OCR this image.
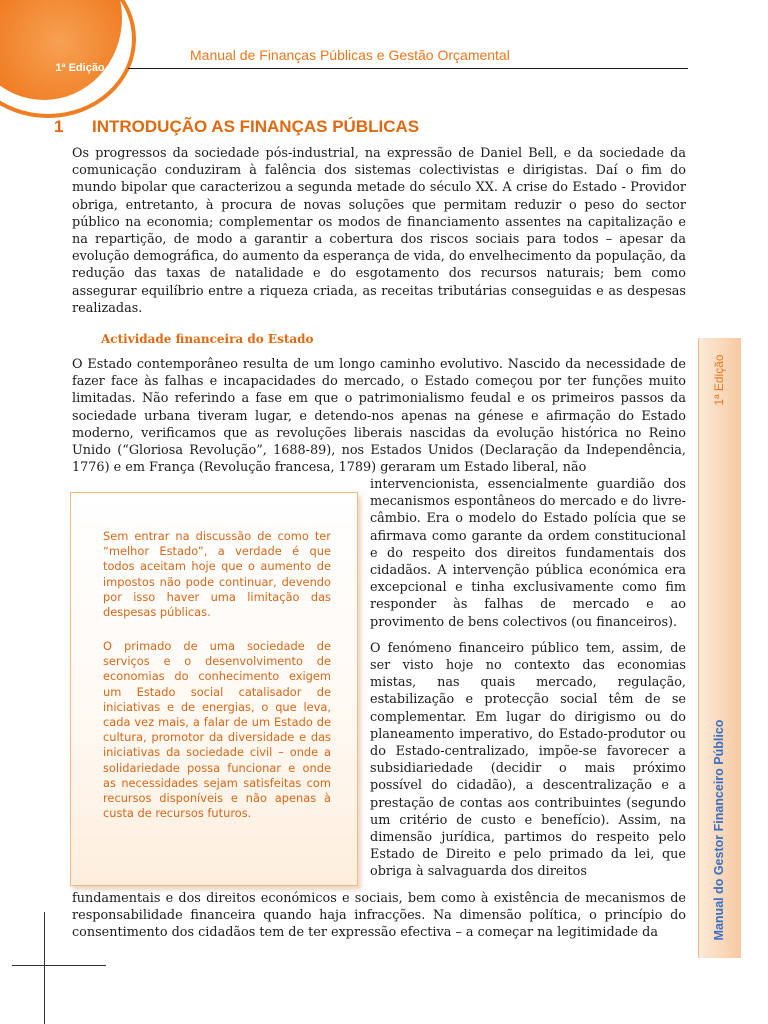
1ª Edição
Manual de Finanças Públicas e Gestão Orçamental
1 INTRODUÇÃO AS FINANÇAS PÚBLICAS
Os progressos da sociedade pós-industrial, na expressão de Daniel Bell, e da sociedade da comunicação conduziram à falência dos sistemas colectivistas e dirigistas. Daí o fim do mundo bipolar que caracterizou a segunda metade do século XX. A crise do Estado - Providor obriga, entretanto, à procura de novas soluções que permitam reduzir o peso do sector público na economia; complementar os modos de financiamento assentes na capitalização e na repartição, de modo a garantir a cobertura dos riscos sociais para todos – apesar da evolução demográfica, do aumento da esperança de vida, do envelhecimento da população, da redução das taxas de natalidade e do esgotamento dos recursos naturais; bem como assegurar equilíbrio entre a riqueza criada, as receitas tributárias conseguidas e as despesas realizadas.
Actividade financeira do Estado
O Estado contemporâneo resulta de um longo caminho evolutivo. Nascido da necessidade de fazer face às falhas e incapacidades do mercado, o Estado começou por ter funções muito limitadas. Não referindo a fase em que o patrimonialismo feudal e os primeiros passos da sociedade urbana tiveram lugar, e detendo-nos apenas na génese e afirmação do Estado moderno, verificamos que as revoluções liberais nascidas da evolução histórica no Reino Unido (“Gloriosa Revolução”, 1688-89), nos Estados Unidos (Declaração da Independência, 1776) e em França (Revolução francesa, 1789) geraram um Estado liberal, não

Sem entrar na discussão de como ter “melhor Estado”, a verdade é que todos aceitam hoje que o aumento de impostos não pode continuar, devendo por isso haver uma limitação das despesas públicas.

O primado de uma sociedade de serviços e o desenvolvimento de economias do conhecimento exigem um Estado social catalisador de iniciativas e de energias, o que leva, cada vez mais, a falar de um Estado de cultura, promotor da diversidade e das iniciativas da sociedade civil – onde a solidariedade possa funcionar e onde as necessidades sejam satisfeitas com recursos disponíveis e não apenas à custa de recursos futuros.

intervencionista, essencialmente guardião dos mecanismos espontâneos do mercado e do livre-câmbio. Era o modelo do Estado polícia que se afirmava como garante da ordem constitucional e do respeito dos direitos fundamentais dos cidadãos. A intervenção pública económica era excepcional e tinha exclusivamente como fim responder às falhas de mercado e ao provimento de bens colectivos (ou financeiros).

O fenómeno financeiro público tem, assim, de ser visto hoje no contexto das economias mistas, nas quais mercado, regulação, estabilização e protecção social têm de se complementar. Em lugar do dirigismo ou do planeamento imperativo, do Estado-produtor ou do Estado-centralizado, impõe-se favorecer a subsidiariedade (decidir o mais próximo possível do cidadão), a descentralização e a prestação de contas aos contribuintes (segundo um critério de custo e benefício). Assim, na dimensão jurídica, partimos do respeito pelo Estado de Direito e pelo primado da lei, que obriga à salvaguarda dos direitos

fundamentais e dos direitos económicos e sociais, bem como à existência de mecanismos de responsabilidade financeira quando haja infracções. Na dimensão política, o princípio do consentimento dos cidadãos tem de ter expressão efectiva – a começar na legitimidade da
1ª Edição
Manual do Gestor Financeiro Público
